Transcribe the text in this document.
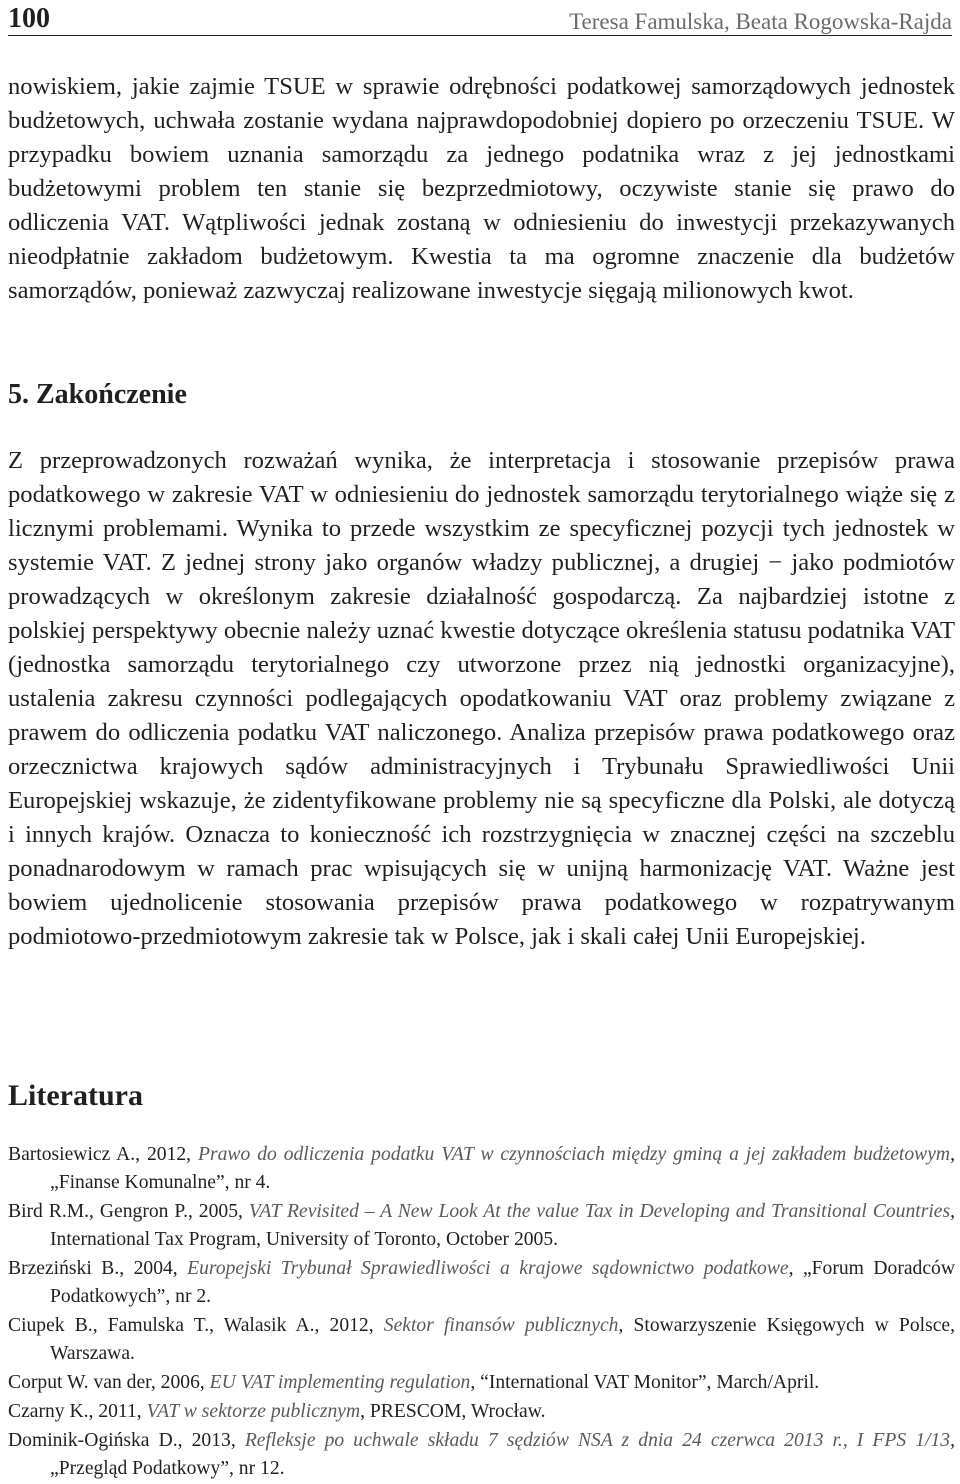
100	Teresa Famulska, Beata Rogowska-Rajda

nowiskiem, jakie zajmie TSUE w sprawie odrębności podatkowej samorządowych jednostek budżetowych, uchwała zostanie wydana najprawdopodobniej dopiero po orzeczeniu TSUE. W przypadku bowiem uznania samorządu za jednego podatnika wraz z jej jednostkami budżetowymi problem ten stanie się bezprzedmiotowy, oczywiste stanie się prawo do odliczenia VAT. Wątpliwości jednak zostaną w odniesieniu do inwestycji przekazywanych nieodpłatnie zakładom budżetowym. Kwestia ta ma ogromne znaczenie dla budżetów samorządów, ponieważ zazwyczaj realizowane inwestycje sięgają milionowych kwot.

5. Zakończenie

Z przeprowadzonych rozważań wynika, że interpretacja i stosowanie przepisów prawa podatkowego w zakresie VAT w odniesieniu do jednostek samorządu terytorialnego wiąże się z licznymi problemami. Wynika to przede wszystkim ze specyficznej pozycji tych jednostek w systemie VAT. Z jednej strony jako organów władzy publicznej, a drugiej − jako podmiotów prowadzących w określonym zakresie działalność gospodarczą. Za najbardziej istotne z polskiej perspektywy obecnie należy uznać kwestie dotyczące określenia statusu podatnika VAT (jednostka samorządu terytorialnego czy utworzone przez nią jednostki organizacyjne), ustalenia zakresu czynności podlegających opodatkowaniu VAT oraz problemy związane z prawem do odliczenia podatku VAT naliczonego. Analiza przepisów prawa podatkowego oraz orzecznictwa krajowych sądów administracyjnych i Trybunału Sprawiedliwości Unii Europejskiej wskazuje, że zidentyfikowane problemy nie są specyficzne dla Polski, ale dotyczą i innych krajów. Oznacza to konieczność ich rozstrzygnięcia w znacznej części na szczeblu ponadnarodowym w ramach prac wpisujących się w unijną harmonizację VAT. Ważne jest bowiem ujednolicenie stosowania przepisów prawa podatkowego w rozpatrywanym podmiotowo-przedmiotowym zakresie tak w Polsce, jak i skali całej Unii Europejskiej.

Literatura
Bartosiewicz A., 2012, Prawo do odliczenia podatku VAT w czynnościach między gminą a jej zakładem budżetowym, „Finanse Komunalne”, nr 4.
Bird R.M., Gengron P., 2005, VAT Revisited – A New Look At the value Tax in Developing and Transitional Countries, International Tax Program, University of Toronto, October 2005.
Brzeziński B., 2004, Europejski Trybunał Sprawiedliwości a krajowe sądownictwo podatkowe, „Forum Doradców Podatkowych”, nr 2.
Ciupek B., Famulska T., Walasik A., 2012, Sektor finansów publicznych, Stowarzyszenie Księgowych w Polsce, Warszawa.
Corput W. van der, 2006, EU VAT implementing regulation, “International VAT Monitor”, March/April.
Czarny K., 2011, VAT w sektorze publicznym, PRESCOM, Wrocław.
Dominik-Ogińska D., 2013, Refleksje po uchwale składu 7 sędziów NSA z dnia 24 czerwca 2013 r., I FPS 1/13, „Przegląd Podatkowy”, nr 12.
